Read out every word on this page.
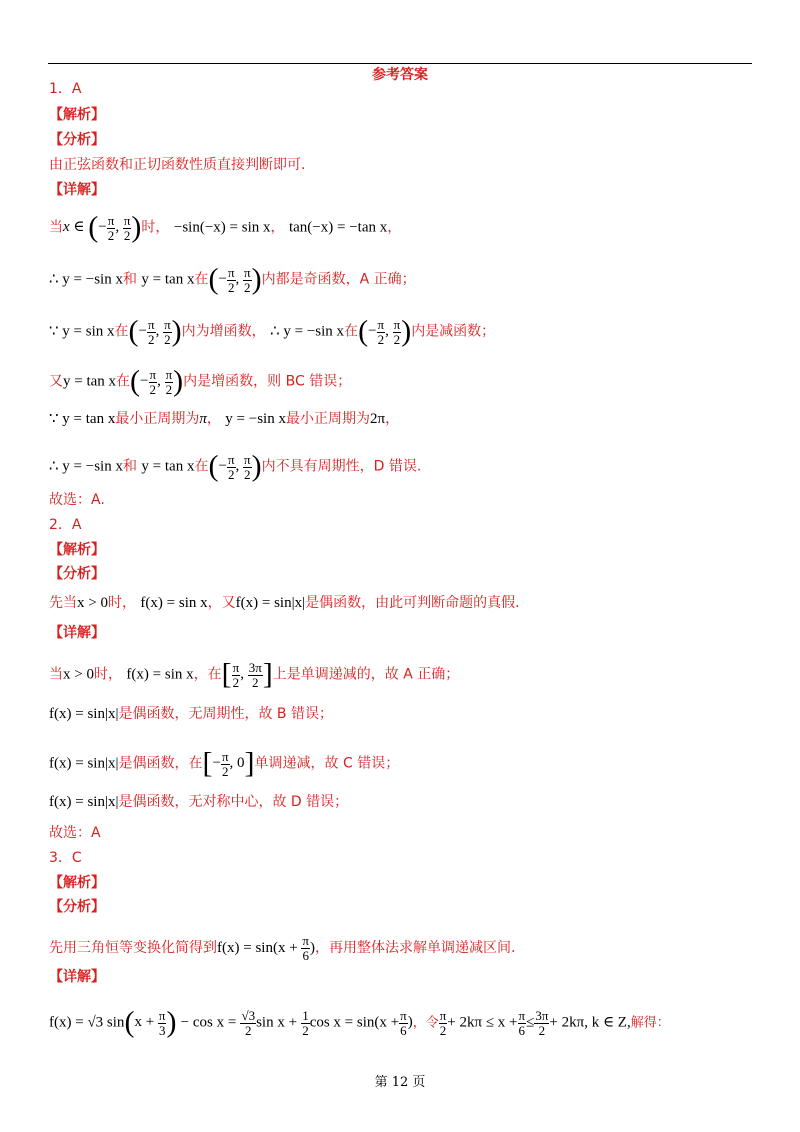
参考答案
1．A
【解析】
【分析】
由正弦函数和正切函数性质直接判断即可.
【详解】
当x ∈ (− $\frac{\pi}{2}$ , $\frac{\pi}{2}$ )时， −sin(−x) = sin x， tan(−x) = −tan x，
∴ y = −sin x和 y = tan x在(− $\frac{\pi}{2}$ , $\frac{\pi}{2}$ )内都是奇函数，A 正确；
∵ y = sin x在(− $\frac{\pi}{2}$ , $\frac{\pi}{2}$ )内为增函数， ∴ y = −sin x在(− $\frac{\pi}{2}$ , $\frac{\pi}{2}$ )内是减函数；
又y = tan x在(− $\frac{\pi}{2}$ , $\frac{\pi}{2}$ )内是增函数，则 BC 错误；
∵ y = tan x最小正周期为π， y = −sin x最小正周期为2π，
∴ y = −sin x和 y = tan x在(− $\frac{\pi}{2}$ , $\frac{\pi}{2}$ )内不具有周期性，D 错误.
故选：A.
2．A
【解析】
【分析】
先当x > 0时， f(x) = sin x，又f(x) = sin|x|是偶函数，由此可判断命题的真假.
【详解】
当x > 0时， f(x) = sin x，在[ $\frac{\pi}{2}$ , $\frac{3\pi}{2}$ ]上是单调递减的，故 A 正确；
f(x) = sin|x|是偶函数，无周期性，故 B 错误；
f(x) = sin|x|是偶函数，在[− $\frac{\pi}{2}$ , 0]单调递减，故 C 错误；
f(x) = sin|x|是偶函数，无对称中心，故 D 错误；
故选：A
3．C
【解析】
【分析】
先用三角恒等变换化简得到$f(x) = \sin(x + \frac{\pi}{6}$ )，再用整体法求解单调递减区间.
【详解】
f(x) = √3 $\sin(x + \frac{\pi}{3}$ ) − $\cos x = \frac{√3}{2}$ $\sin x + \frac{1}{2}$ $\cos x = \sin(x + \frac{\pi}{6}$ )，令 $\frac{\pi}{2} + 2k\pi \le x + \frac{\pi}{6} \le \frac{3\pi}{2} + 2k\pi$, k ∈ Z,解得：
第 12 页
